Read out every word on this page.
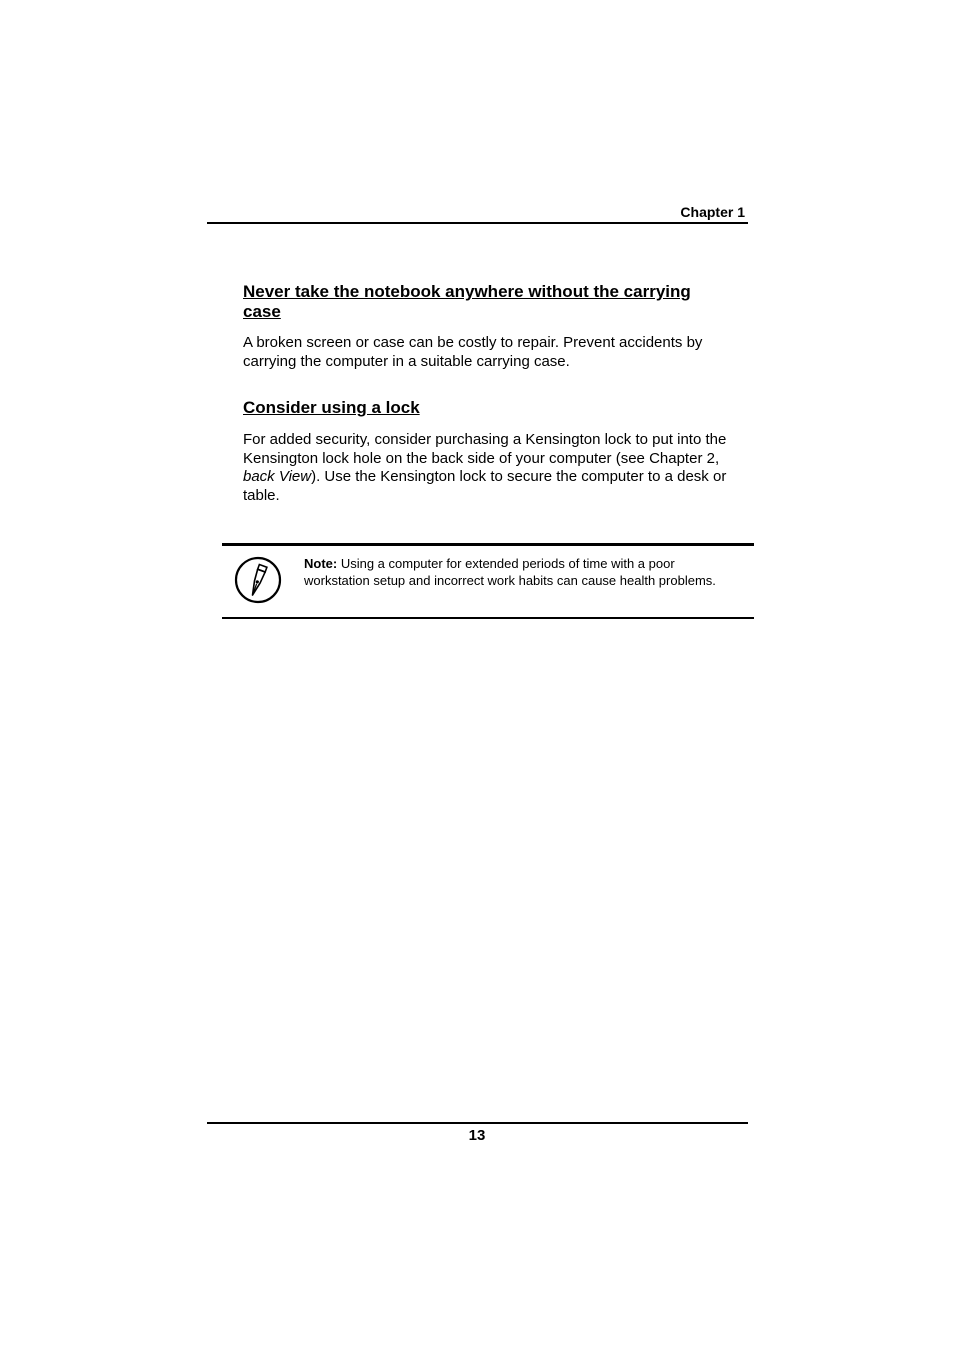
Chapter 1
Never take the notebook anywhere without the carrying case

A broken screen or case can be costly to repair. Prevent accidents by carrying the computer in a suitable carrying case.

Consider using a lock

For added security, consider purchasing a Kensington lock to put into the Kensington lock hole on the back side of your computer (see Chapter 2, back View). Use the Kensington lock to secure the computer to a desk or table.

Note: Using a computer for extended periods of time with a poor workstation setup and incorrect work habits can cause health problems.
13
